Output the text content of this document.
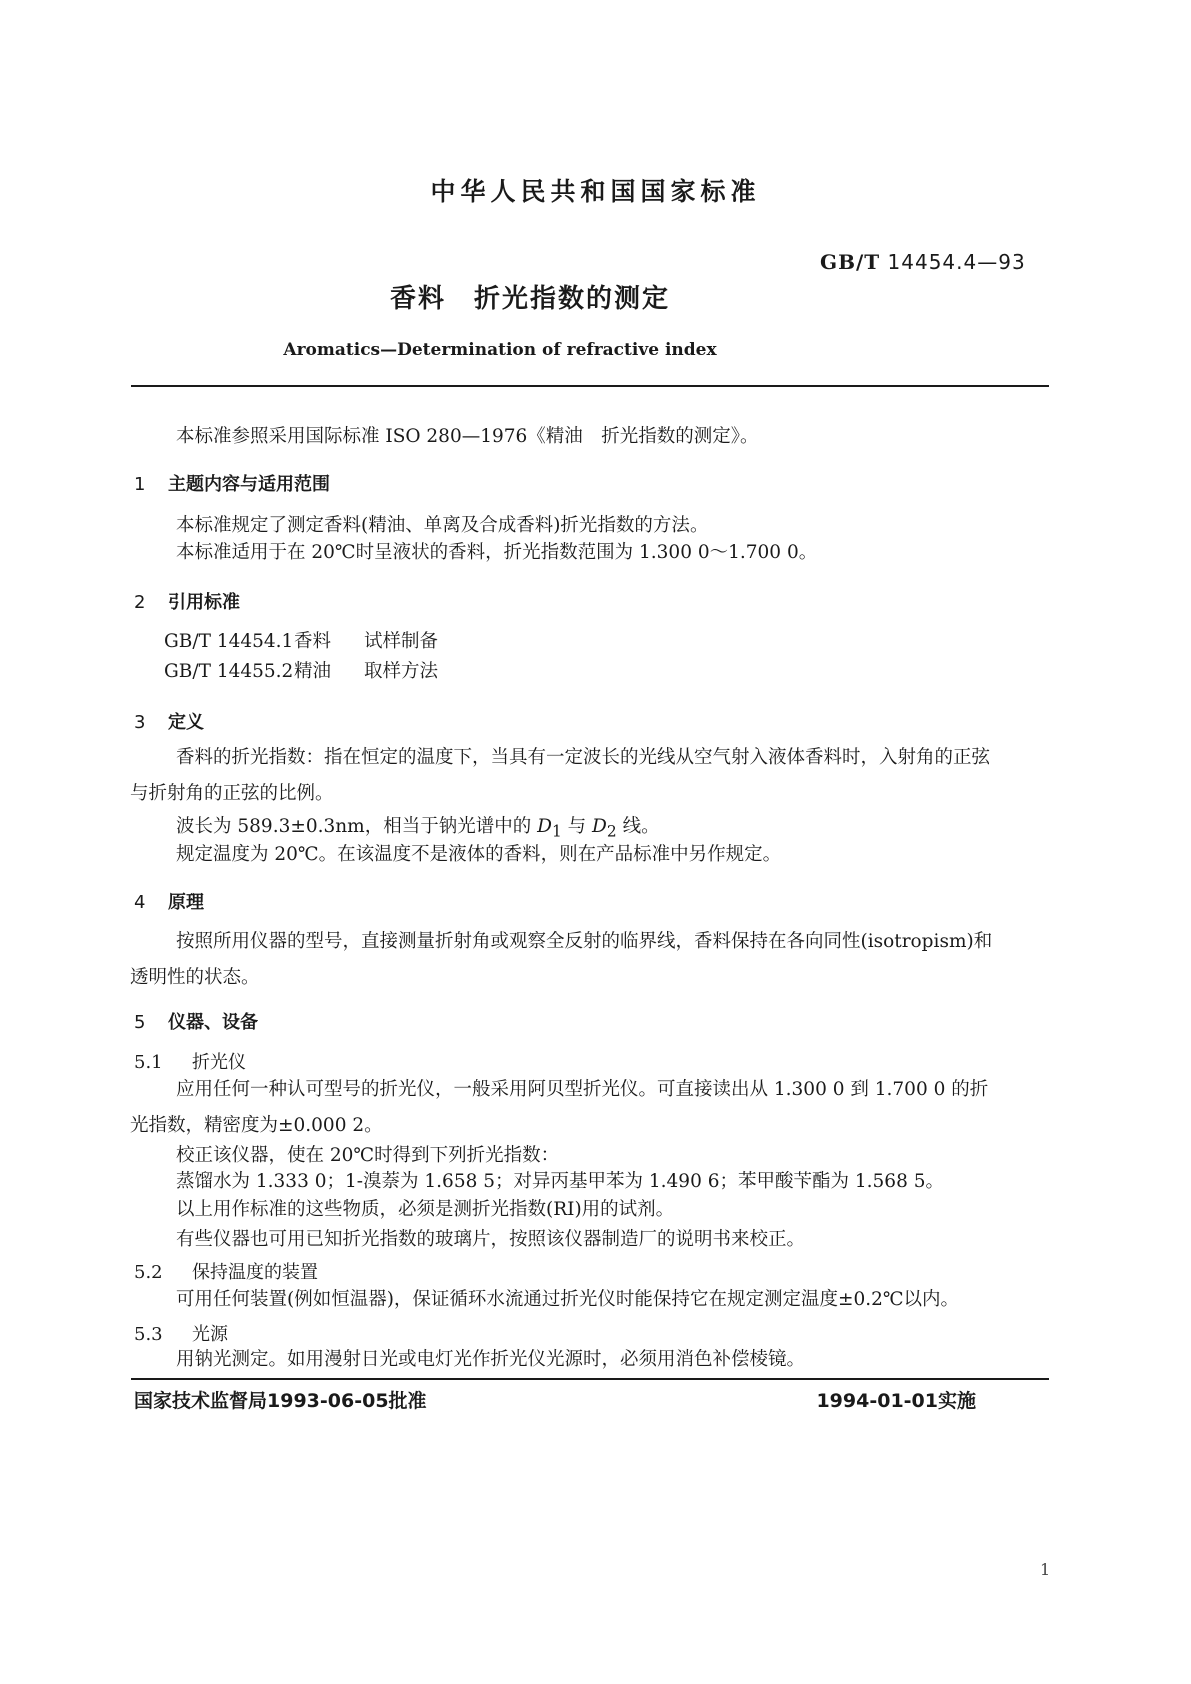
中华人民共和国国家标准
GB/T 14454.4—93
香料　折光指数的测定
Aromatics—Determination of refractive index
本标准参照采用国际标准 ISO 280—1976《精油　折光指数的测定》。
1 主题内容与适用范围
本标准规定了测定香料(精油、单离及合成香料)折光指数的方法。
本标准适用于在 20℃时呈液状的香料，折光指数范围为 1.300 0～1.700 0。
2 引用标准
GB/T 14454.1香料 试样制备
GB/T 14455.2精油 取样方法
3 定义
香料的折光指数：指在恒定的温度下，当具有一定波长的光线从空气射入液体香料时，入射角的正弦与折射角的正弦的比例。
波长为 589.3±0.3nm，相当于钠光谱中的 $D_1$ 与 $D_2$ 线。
规定温度为 20℃。在该温度不是液体的香料，则在产品标准中另作规定。
4 原理
按照所用仪器的型号，直接测量折射角或观察全反射的临界线，香料保持在各向同性(isotropism)和透明性的状态。
5 仪器、设备
5.1 折光仪
应用任何一种认可型号的折光仪，一般采用阿贝型折光仪。可直接读出从 1.300 0 到 1.700 0 的折光指数，精密度为±0.000 2。
校正该仪器，使在 20℃时得到下列折光指数：
蒸馏水为 1.333 0；1-溴萘为 1.658 5；对异丙基甲苯为 1.490 6；苯甲酸苄酯为 1.568 5。
以上用作标准的这些物质，必须是测折光指数(RI)用的试剂。
有些仪器也可用已知折光指数的玻璃片，按照该仪器制造厂的说明书来校正。
5.2 保持温度的装置
可用任何装置(例如恒温器)，保证循环水流通过折光仪时能保持它在规定测定温度±0.2℃以内。
5.3 光源
用钠光测定。如用漫射日光或电灯光作折光仪光源时，必须用消色补偿棱镜。
国家技术监督局1993-06-05批准	1994-01-01实施
1
